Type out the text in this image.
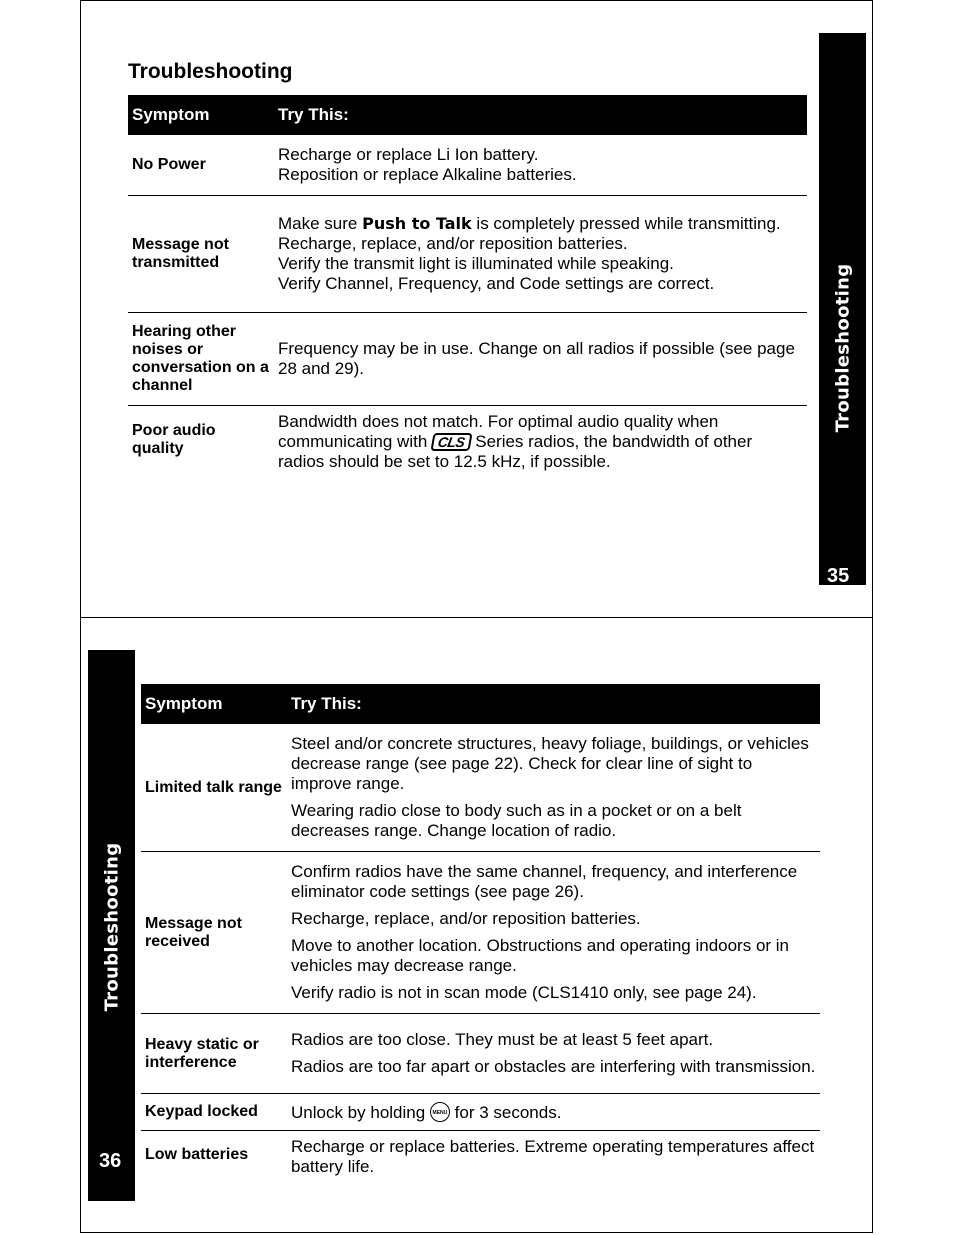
Troubleshooting
35
Troubleshooting
Symptom	Try This:
No Power	Recharge or replace Li Ion battery.

Reposition or replace Alkaline batteries.

Message not transmitted	Make sure Push to Talk is completely pressed while transmitting.

Recharge, replace, and/or reposition batteries.

Verify the transmit light is illuminated while speaking.

Verify Channel, Frequency, and Code settings are correct.

Hearing other noises or conversation on a channel	Frequency may be in use. Change on all radios if possible (see page 28 and 29).

Poor audio quality	Bandwidth does not match. For optimal audio quality when communicating with CLS Series radios, the bandwidth of other radios should be set to 12.5 kHz, if possible.

Troubleshooting
36
Symptom	Try This:
Limited talk range	Steel and/or concrete structures, heavy foliage, buildings, or vehicles decrease range (see page 22). Check for clear line of sight to improve range.

Wearing radio close to body such as in a pocket or on a belt decreases range. Change location of radio.

Message not received	Confirm radios have the same channel, frequency, and interference eliminator code settings (see page 26).

Recharge, replace, and/or reposition batteries.

Move to another location. Obstructions and operating indoors or in vehicles may decrease range.

Verify radio is not in scan mode (CLS1410 only, see page 24).

Heavy static or interference	Radios are too close. They must be at least 5 feet apart.

Radios are too far apart or obstacles are interfering with transmission.

Keypad locked	Unlock by holding MENU for 3 seconds.

Low batteries	Recharge or replace batteries. Extreme operating temperatures affect battery life.
